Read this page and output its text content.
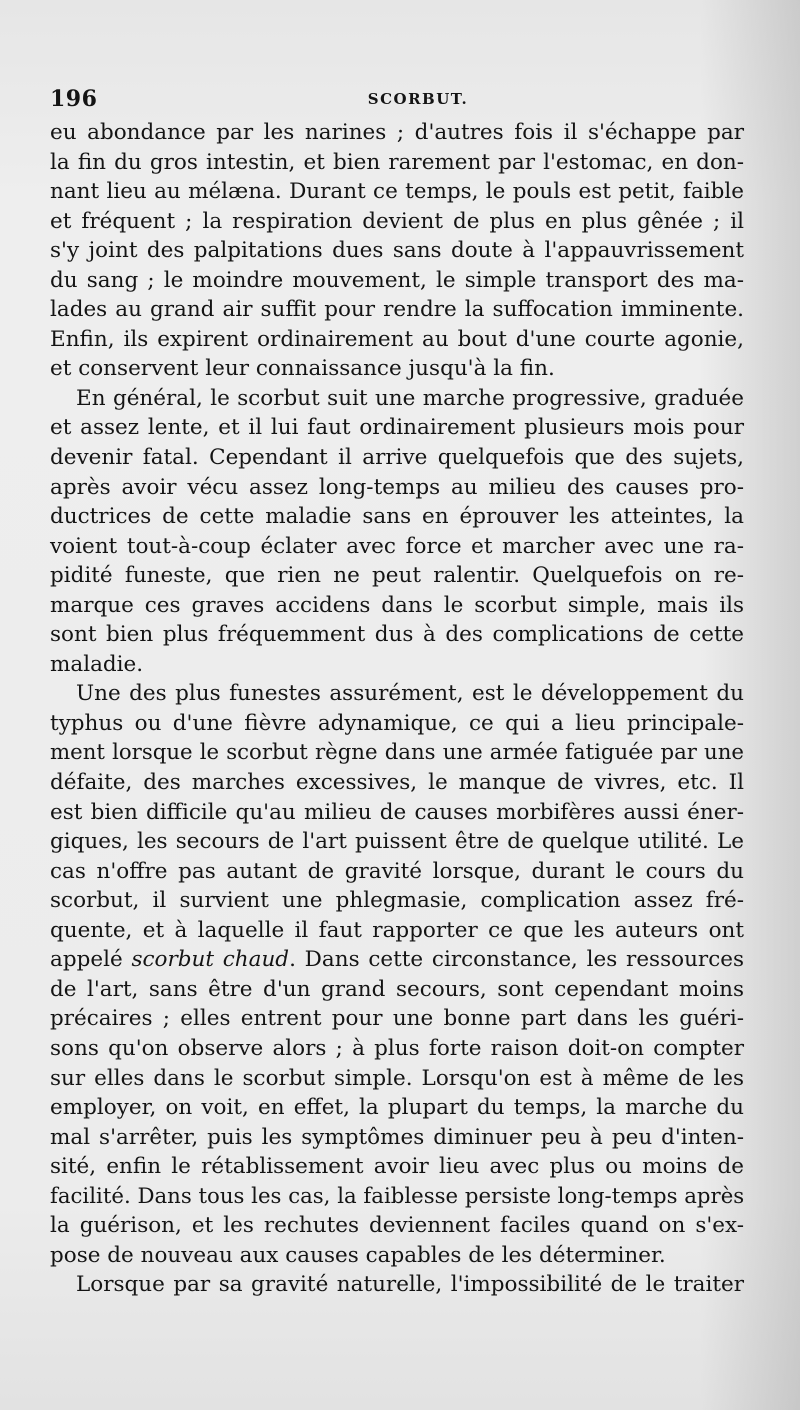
196	SCORBUT.
eu abondance par les narines ; d'autres fois il s'échappe par
la fin du gros intestin, et bien rarement par l'estomac, en don-
nant lieu au mélæna. Durant ce temps, le pouls est petit, faible
et fréquent ; la respiration devient de plus en plus gênée ; il
s'y joint des palpitations dues sans doute à l'appauvrissement
du sang ; le moindre mouvement, le simple transport des ma-
lades au grand air suffit pour rendre la suffocation imminente.
Enfin, ils expirent ordinairement au bout d'une courte agonie,
et conservent leur connaissance jusqu'à la fin.
En général, le scorbut suit une marche progressive, graduée
et assez lente, et il lui faut ordinairement plusieurs mois pour
devenir fatal. Cependant il arrive quelquefois que des sujets,
après avoir vécu assez long-temps au milieu des causes pro-
ductrices de cette maladie sans en éprouver les atteintes, la
voient tout-à-coup éclater avec force et marcher avec une ra-
pidité funeste, que rien ne peut ralentir. Quelquefois on re-
marque ces graves accidens dans le scorbut simple, mais ils
sont bien plus fréquemment dus à des complications de cette
maladie.
Une des plus funestes assurément, est le développement du
typhus ou d'une fièvre adynamique, ce qui a lieu principale-
ment lorsque le scorbut règne dans une armée fatiguée par une
défaite, des marches excessives, le manque de vivres, etc. Il
est bien difficile qu'au milieu de causes morbifères aussi éner-
giques, les secours de l'art puissent être de quelque utilité. Le
cas n'offre pas autant de gravité lorsque, durant le cours du
scorbut, il survient une phlegmasie, complication assez fré-
quente, et à laquelle il faut rapporter ce que les auteurs ont
appelé scorbut chaud. Dans cette circonstance, les ressources
de l'art, sans être d'un grand secours, sont cependant moins
précaires ; elles entrent pour une bonne part dans les guéri-
sons qu'on observe alors ; à plus forte raison doit-on compter
sur elles dans le scorbut simple. Lorsqu'on est à même de les
employer, on voit, en effet, la plupart du temps, la marche du
mal s'arrêter, puis les symptômes diminuer peu à peu d'inten-
sité, enfin le rétablissement avoir lieu avec plus ou moins de
facilité. Dans tous les cas, la faiblesse persiste long-temps après
la guérison, et les rechutes deviennent faciles quand on s'ex-
pose de nouveau aux causes capables de les déterminer.
Lorsque par sa gravité naturelle, l'impossibilité de le traiter
